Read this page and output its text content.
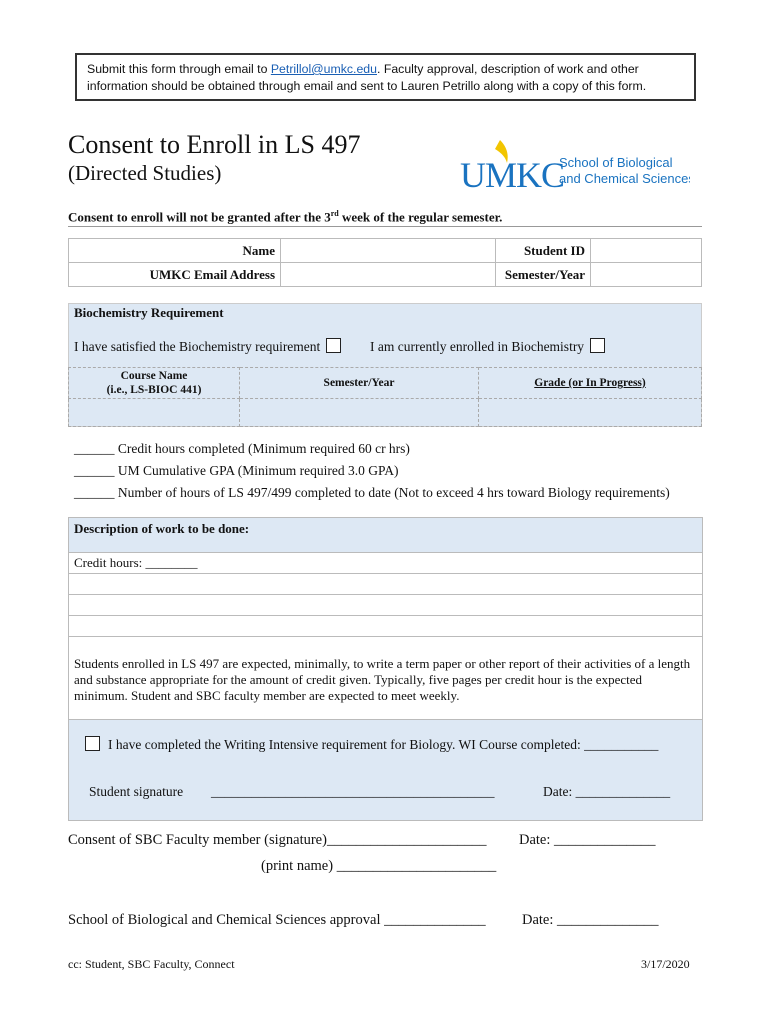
Submit this form through email to Petrillol@umkc.edu. Faculty approval, description of work and other information should be obtained through email and sent to Lauren Petrillo along with a copy of this form.
Consent to Enroll in LS 497
(Directed Studies)	UMKC
School of Biological
and Chemical Sciences
Consent to enroll will not be granted after the 3rd week of the regular semester.
Name		Student ID	
UMKC Email Address		Semester/Year	
Biochemistry Requirement
I have satisfied the Biochemistry requirement	I am currently enrolled in Biochemistry
Course Name
(i.e., LS-BIOC 441)	Semester/Year	Grade (or In Progress)

______ Credit hours completed (Minimum required 60 cr hrs)
______ UM Cumulative GPA (Minimum required 3.0 GPA)
______ Number of hours of LS 497/499 completed to date (Not to exceed 4 hrs toward Biology requirements)
Description of work to be done:
Credit hours: ________

Students enrolled in LS 497 are expected, minimally, to write a term paper or other report of their activities of a length and substance appropriate for the amount of credit given. Typically, five pages per credit hour is the expected minimum. Student and SBC faculty member are expected to meet weekly.

I have completed the Writing Intensive requirement for Biology. WI Course completed: ___________
Student signature __________________________________________	Date: ______________
Consent of SBC Faculty member (signature)______________________ Date: ______________
(print name) ______________________
School of Biological and Chemical Sciences approval ______________	Date: ______________
cc: Student, SBC Faculty, Connect	3/17/2020
